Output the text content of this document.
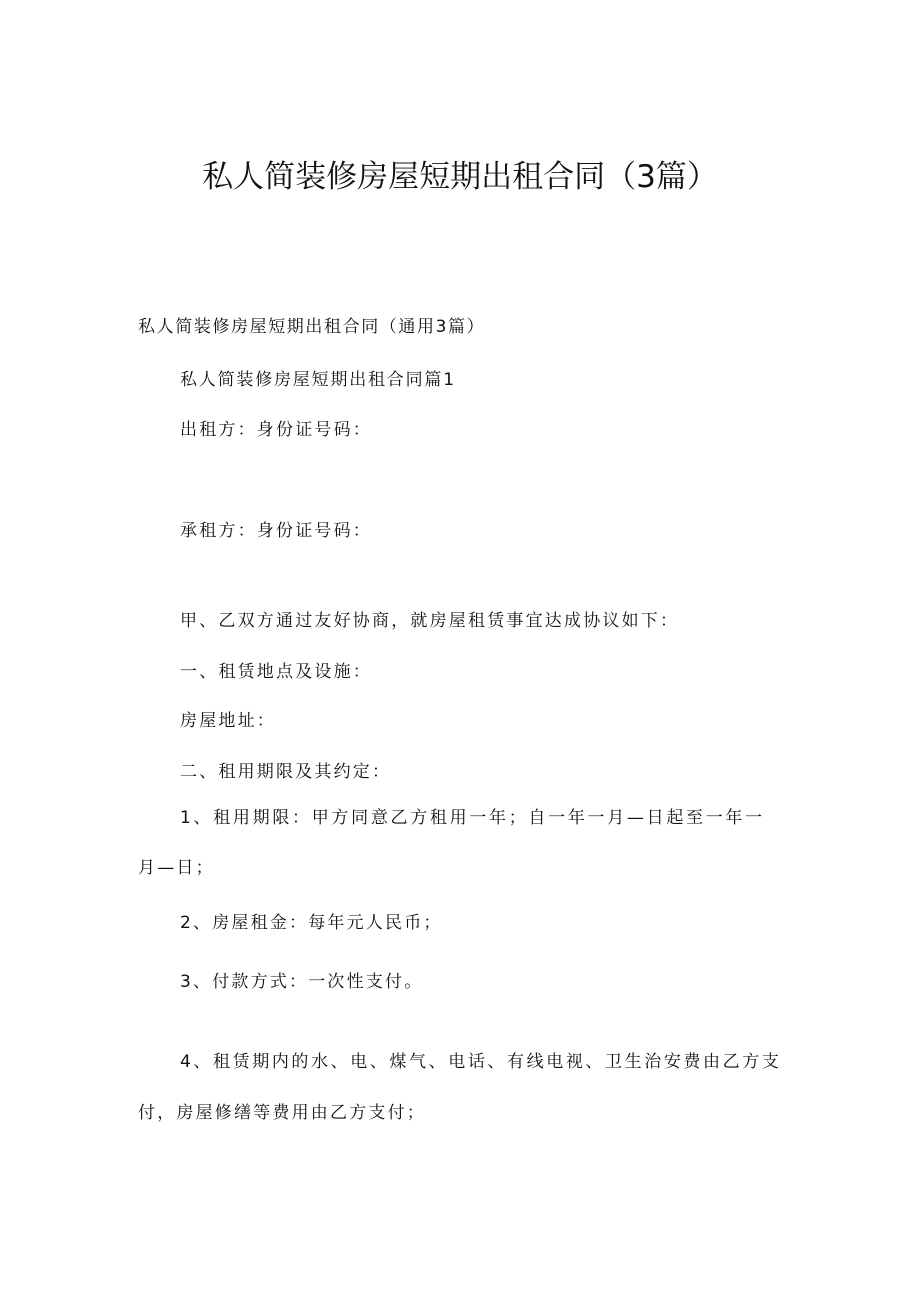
私人简装修房屋短期出租合同（3篇）
私人简装修房屋短期出租合同（通用3篇）
私人简装修房屋短期出租合同篇1
出租方：身份证号码：
承租方：身份证号码：
甲、乙双方通过友好协商，就房屋租赁事宜达成协议如下：
一、租赁地点及设施：
房屋地址：
二、租用期限及其约定：
1、租用期限：甲方同意乙方租用一年；自一年一月—日起至一年一
月—日；
2、房屋租金：每年元人民币；
3、付款方式：一次性支付。
4、租赁期内的水、电、煤气、电话、有线电视、卫生治安费由乙方支
付，房屋修缮等费用由乙方支付；
